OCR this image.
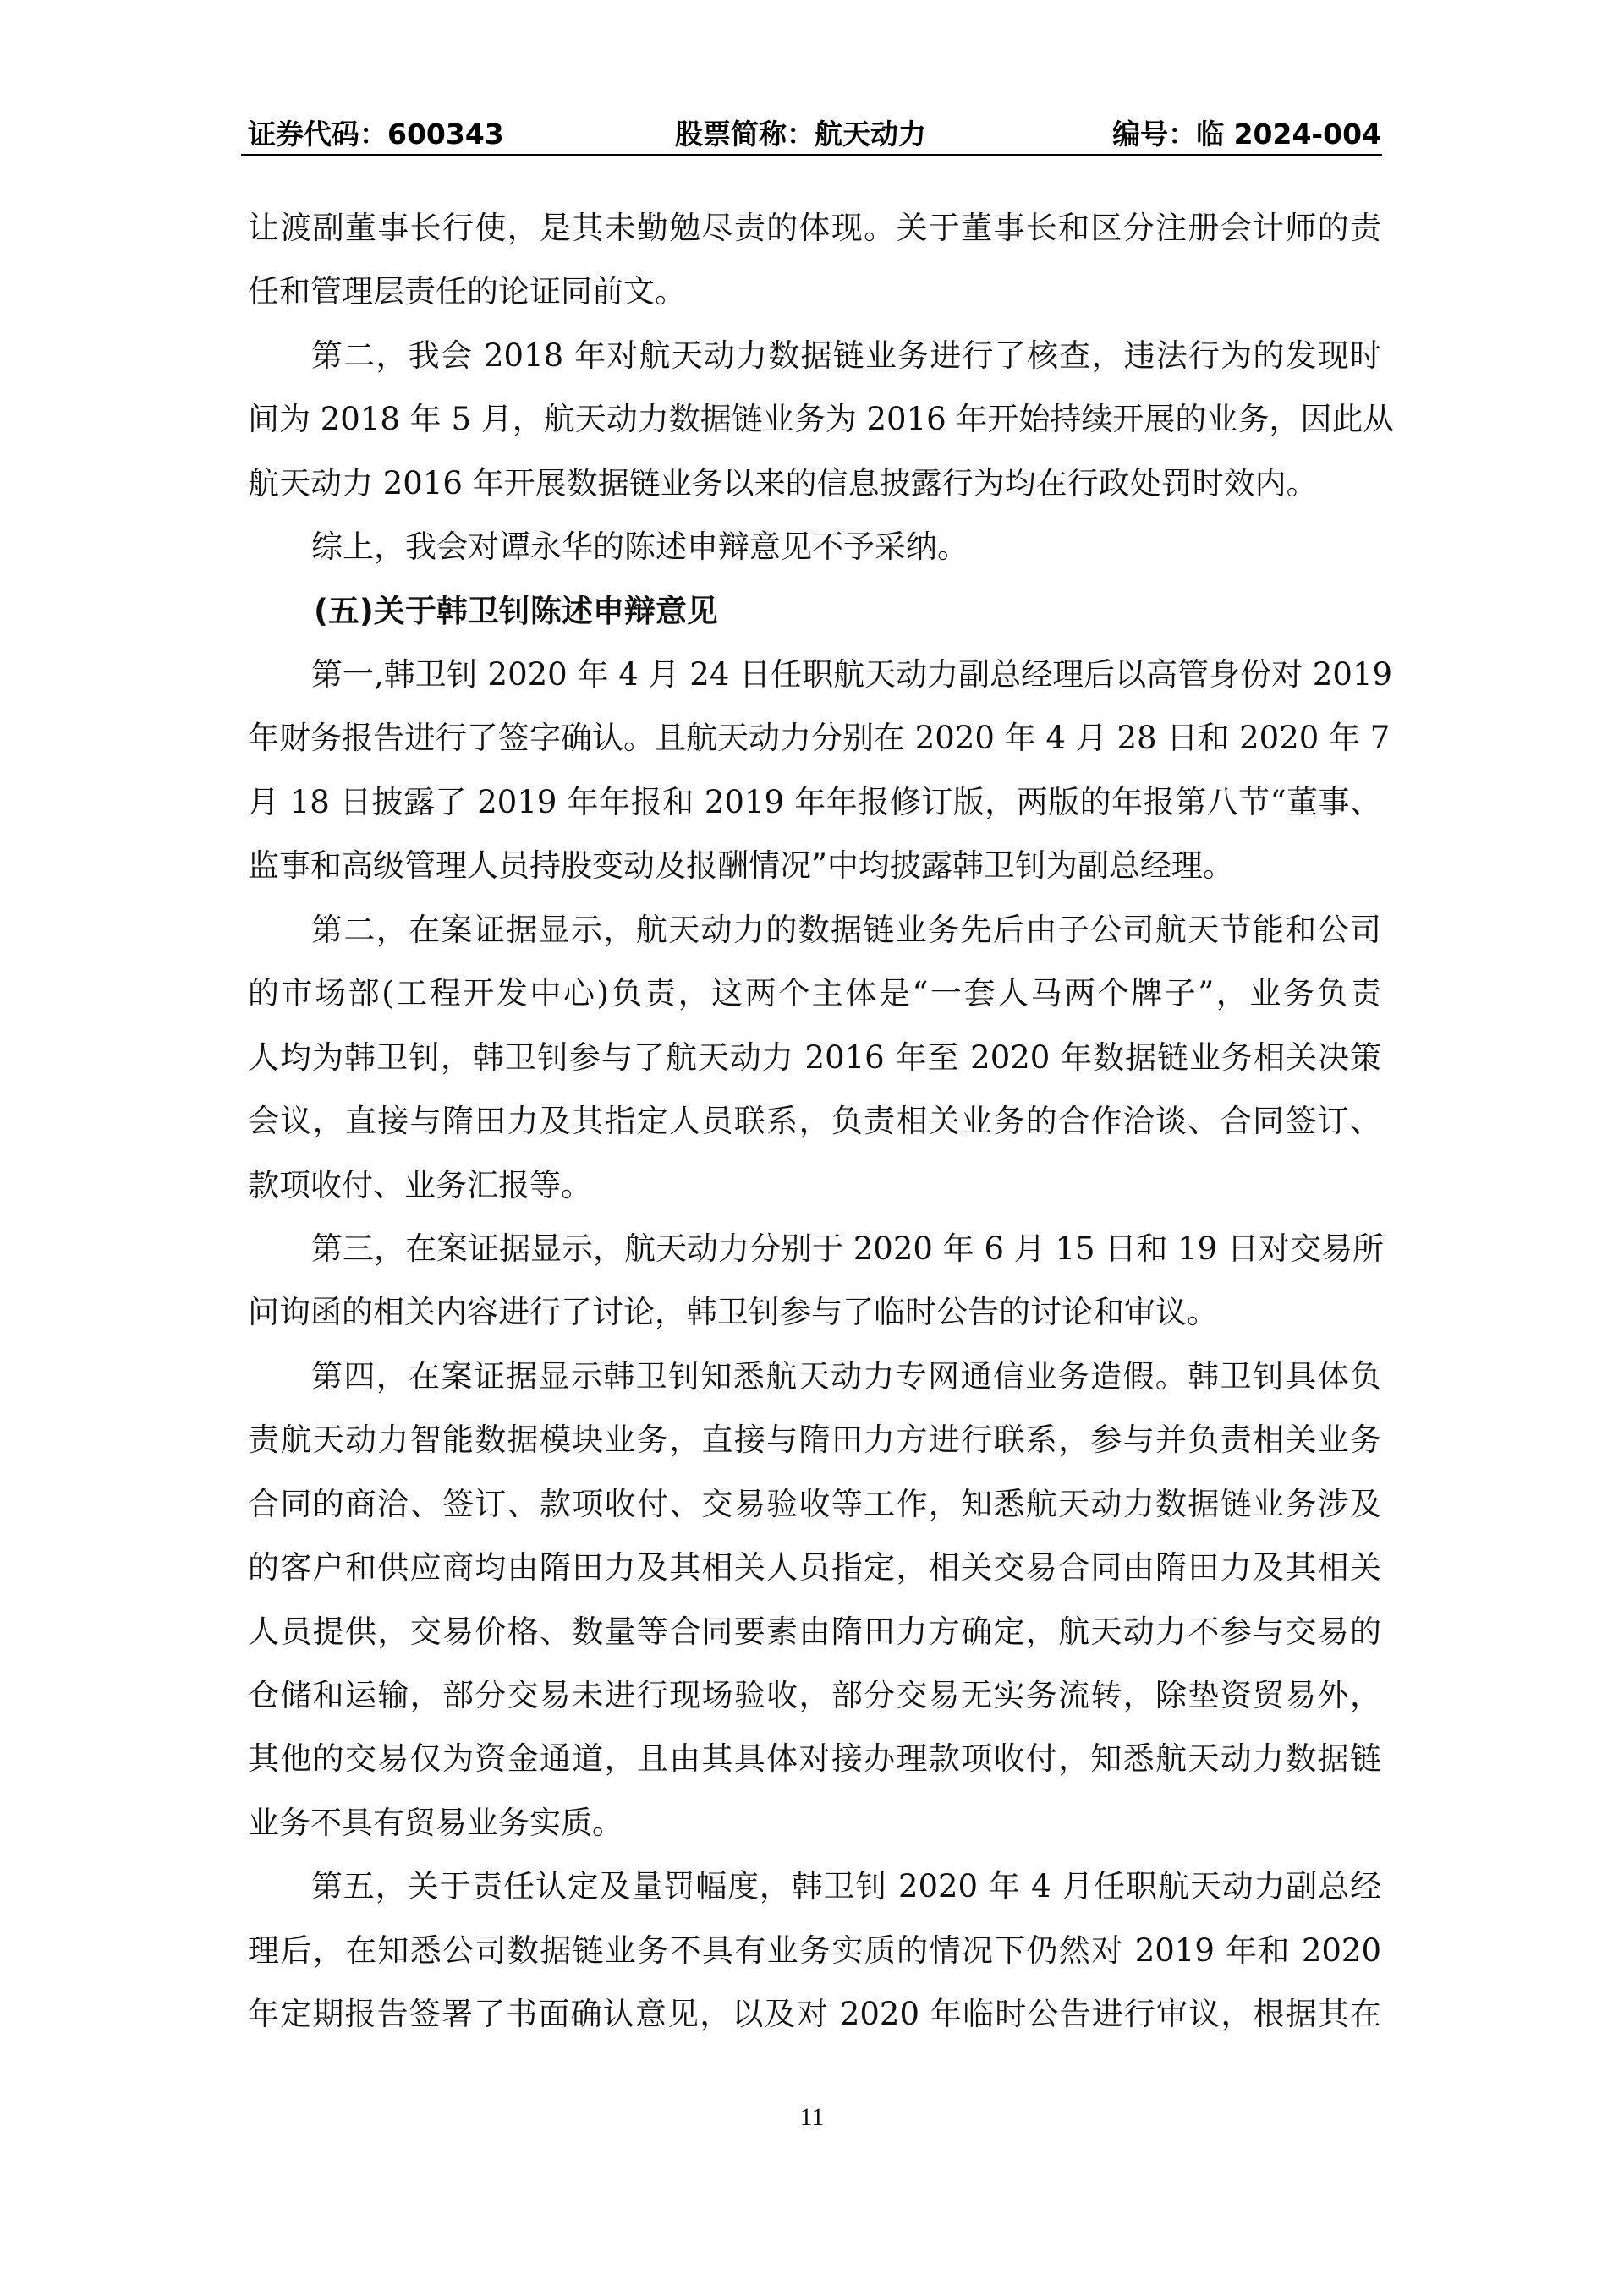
证券代码：600343	股票简称：航天动力	编号：临 2024-004
让渡副董事长行使，是其未勤勉尽责的体现。关于董事长和区分注册会计师的责
任和管理层责任的论证同前文。
第二，我会 2018 年对航天动力数据链业务进行了核查，违法行为的发现时
间为 2018 年 5 月，航天动力数据链业务为 2016 年开始持续开展的业务，因此从
航天动力 2016 年开展数据链业务以来的信息披露行为均在行政处罚时效内。
综上，我会对谭永华的陈述申辩意见不予采纳。
(五)关于韩卫钊陈述申辩意见
第一,韩卫钊 2020 年 4 月 24 日任职航天动力副总经理后以高管身份对 2019
年财务报告进行了签字确认。且航天动力分别在 2020 年 4 月 28 日和 2020 年 7
月 18 日披露了 2019 年年报和 2019 年年报修订版，两版的年报第八节“董事、
监事和高级管理人员持股变动及报酬情况”中均披露韩卫钊为副总经理。
第二，在案证据显示，航天动力的数据链业务先后由子公司航天节能和公司
的市场部(工程开发中心)负责，这两个主体是“一套人马两个牌子”，业务负责
人均为韩卫钊，韩卫钊参与了航天动力 2016 年至 2020 年数据链业务相关决策
会议，直接与隋田力及其指定人员联系，负责相关业务的合作洽谈、合同签订、
款项收付、业务汇报等。
第三，在案证据显示，航天动力分别于 2020 年 6 月 15 日和 19 日对交易所
问询函的相关内容进行了讨论，韩卫钊参与了临时公告的讨论和审议。
第四，在案证据显示韩卫钊知悉航天动力专网通信业务造假。韩卫钊具体负
责航天动力智能数据模块业务，直接与隋田力方进行联系，参与并负责相关业务
合同的商洽、签订、款项收付、交易验收等工作，知悉航天动力数据链业务涉及
的客户和供应商均由隋田力及其相关人员指定，相关交易合同由隋田力及其相关
人员提供，交易价格、数量等合同要素由隋田力方确定，航天动力不参与交易的
仓储和运输，部分交易未进行现场验收，部分交易无实务流转，除垫资贸易外，
其他的交易仅为资金通道，且由其具体对接办理款项收付，知悉航天动力数据链
业务不具有贸易业务实质。
第五，关于责任认定及量罚幅度，韩卫钊 2020 年 4 月任职航天动力副总经
理后，在知悉公司数据链业务不具有业务实质的情况下仍然对 2019 年和 2020
年定期报告签署了书面确认意见，以及对 2020 年临时公告进行审议，根据其在
11
